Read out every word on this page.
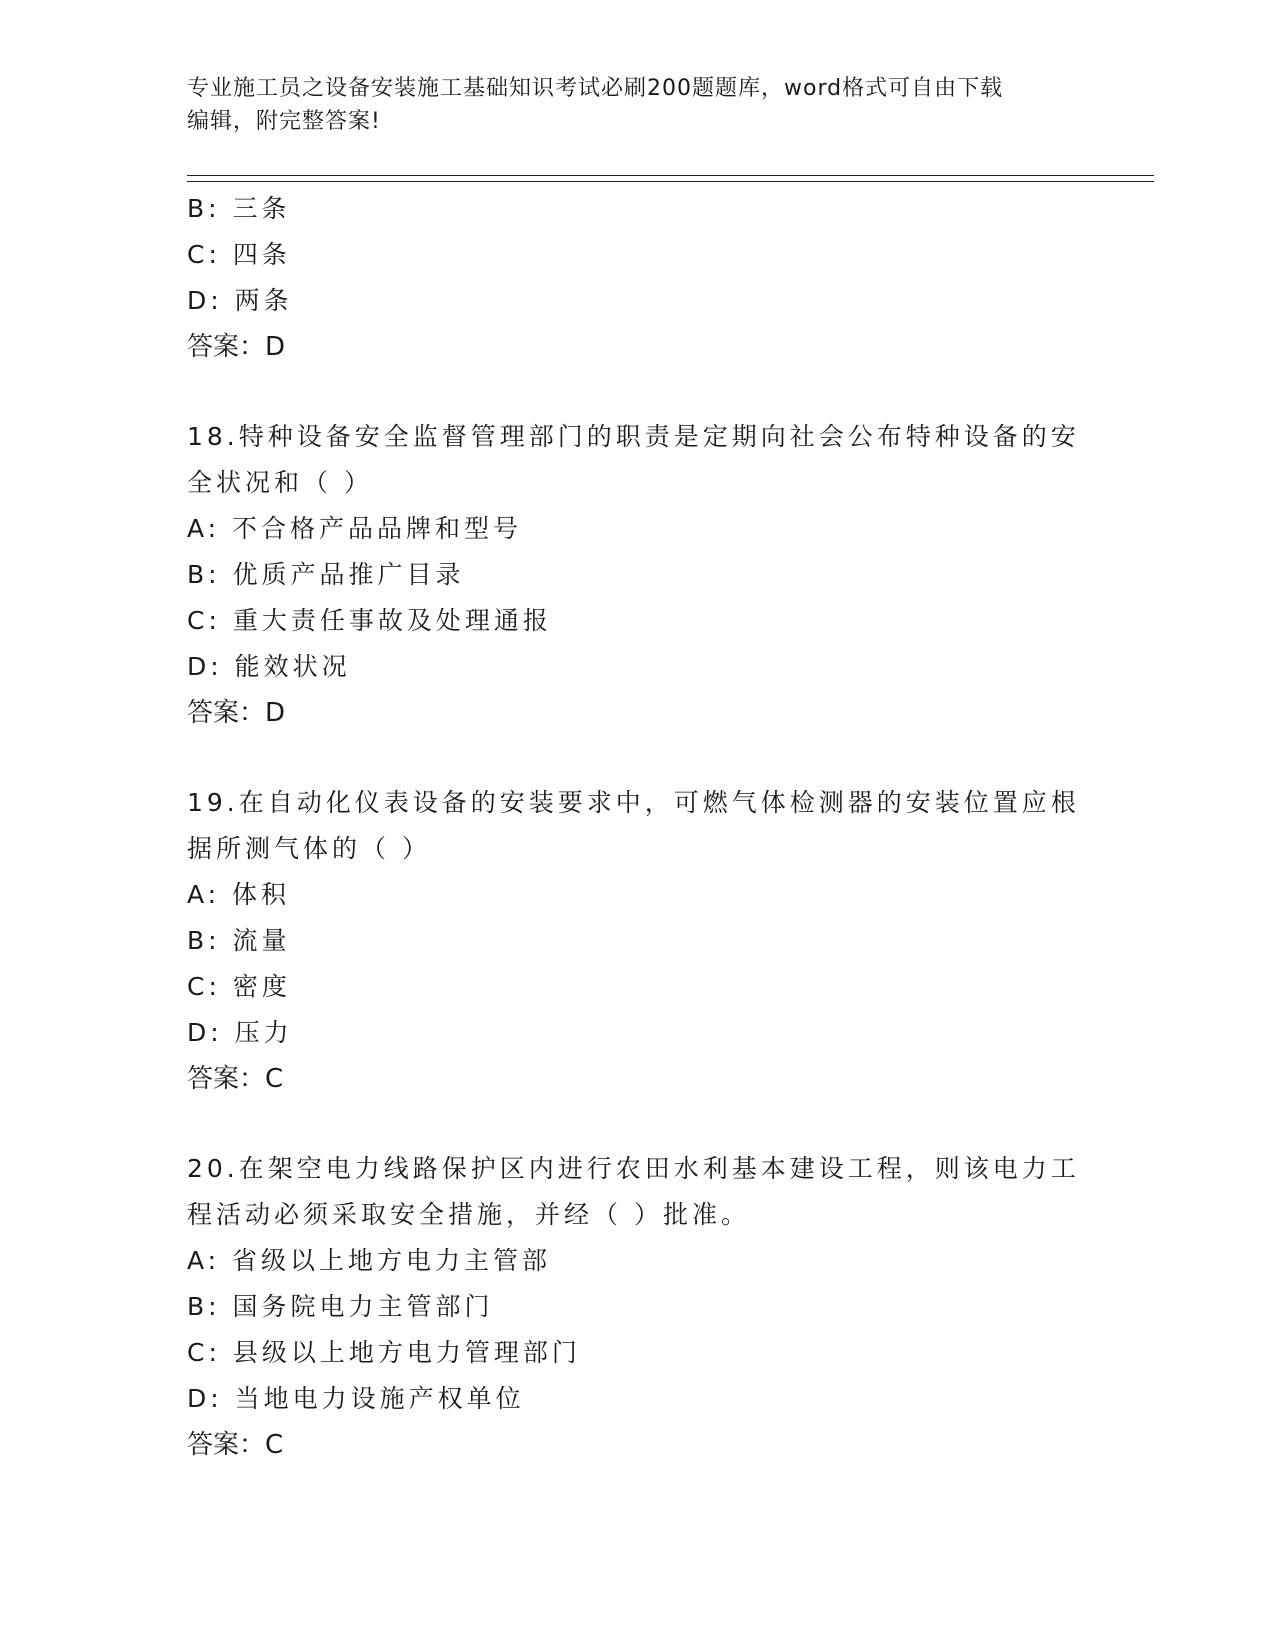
专业施工员之设备安装施工基础知识考试必刷200题题库，word格式可自由下载
编辑，附完整答案!
B: 三条
C: 四条
D: 两条
答案：D
18.特种设备安全监督管理部门的职责是定期向社会公布特种设备的安
全状况和（ ）
A: 不合格产品品牌和型号
B: 优质产品推广目录
C: 重大责任事故及处理通报
D: 能效状况
答案：D
19.在自动化仪表设备的安装要求中，可燃气体检测器的安装位置应根
据所测气体的（ ）
A: 体积
B: 流量
C: 密度
D: 压力
答案：C
20.在架空电力线路保护区内进行农田水利基本建设工程，则该电力工
程活动必须采取安全措施，并经（ ）批准。
A: 省级以上地方电力主管部
B: 国务院电力主管部门
C: 县级以上地方电力管理部门
D: 当地电力设施产权单位
答案：C
